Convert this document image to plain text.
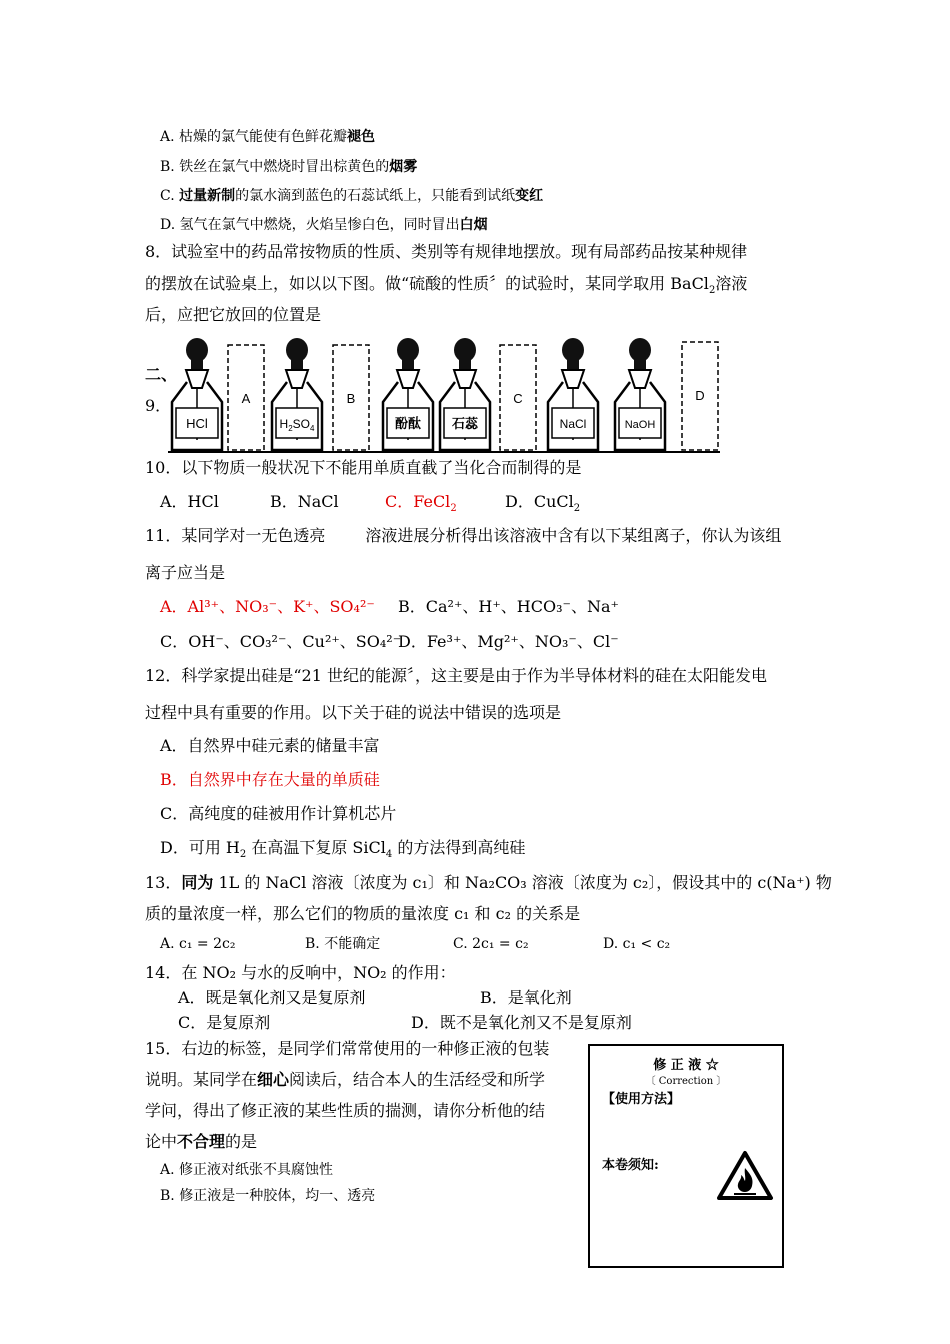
A. 枯燥的氯气能使有色鲜花瓣褪色
B. 铁丝在氯气中燃烧时冒出棕黄色的烟雾
C. 过量新制的氯水滴到蓝色的石蕊试纸上，只能看到试纸变红
D. 氢气在氯气中燃烧，火焰呈惨白色，同时冒出白烟
8．试验室中的药品常按物质的性质、类别等有规律地摆放。现有局部药品按某种规律
的摆放在试验桌上，如以以下图。做“硫酸的性质〞的试验时，某同学取用 BaCl$_2$溶液
后，应把它放回的位置是
二、
9．
HCl
A
$H_2SO_4$
B
酚酞 石蕊
C
NaCl	NaOH
D
10．以下物质一般状况下不能用单质直截了当化合而制得的是
A．HCl	B．NaCl	C．FeCl$_2$	D．CuCl$_2$
11．某同学对一无色透亮	溶液进展分析得出该溶液中含有以下某组离子，你认为该组
离子应当是
A．Al³⁺、NO₃⁻、K⁺、SO₄²⁻ B．Ca²⁺、H⁺、HCO₃⁻、Na⁺
C．OH⁻、CO₃²⁻、Cu²⁺、SO₄²⁻D．Fe³⁺、Mg²⁺、NO₃⁻、Cl⁻
12．科学家提出硅是“21 世纪的能源〞，这主要是由于作为半导体材料的硅在太阳能发电
过程中具有重要的作用。以下关于硅的说法中错误的选项是
A．自然界中硅元素的储量丰富
B．自然界中存在大量的单质硅
C．高纯度的硅被用作计算机芯片
D．可用 $H_2$ 在高温下复原 SiCl$_4$ 的方法得到高纯硅
13．同为 1L 的 NaCl 溶液〔浓度为 c₁〕和 Na₂CO₃ 溶液〔浓度为 c₂〕，假设其中的 c(Na⁺) 物
质的量浓度一样，那么它们的物质的量浓度 c₁ 和 c₂ 的关系是
A. c₁ = 2c₂	B. 不能确定	C. 2c₁ = c₂	D. c₁ < c₂
14．在 NO₂ 与水的反响中，NO₂ 的作用：
A．既是氧化剂又是复原剂	B．是氧化剂
C．是复原剂	D．既不是氧化剂又不是复原剂
15．右边的标签，是同学们常常使用的一种修正液的包装
说明。某同学在细心阅读后，结合本人的生活经受和所学
学问，得出了修正液的某些性质的揣测，请你分析他的结
论中不合理的是
A. 修正液对纸张不具腐蚀性
B. 修正液是一种胶体，均一、透亮
修 正 液 ☆
〔 Correction 〕
【使用方法】
本卷须知:
